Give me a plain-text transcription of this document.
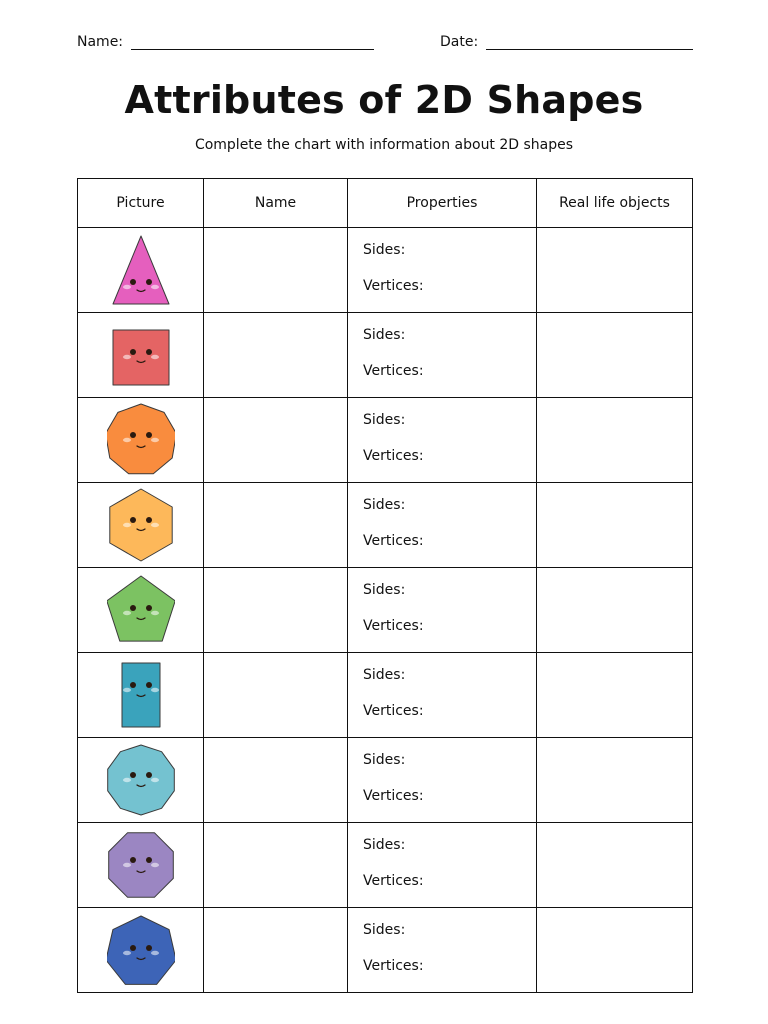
Name:	Date:
Attributes of 2D Shapes

Complete the chart with information about 2D shapes

Picture	Name	Properties	Real life objects

Sides:
Vertices:	

Sides:
Vertices:	

Sides:
Vertices:	

Sides:
Vertices:	

Sides:
Vertices:	

Sides:
Vertices:	

Sides:
Vertices:	

Sides:
Vertices:	

Sides:
Vertices:	
